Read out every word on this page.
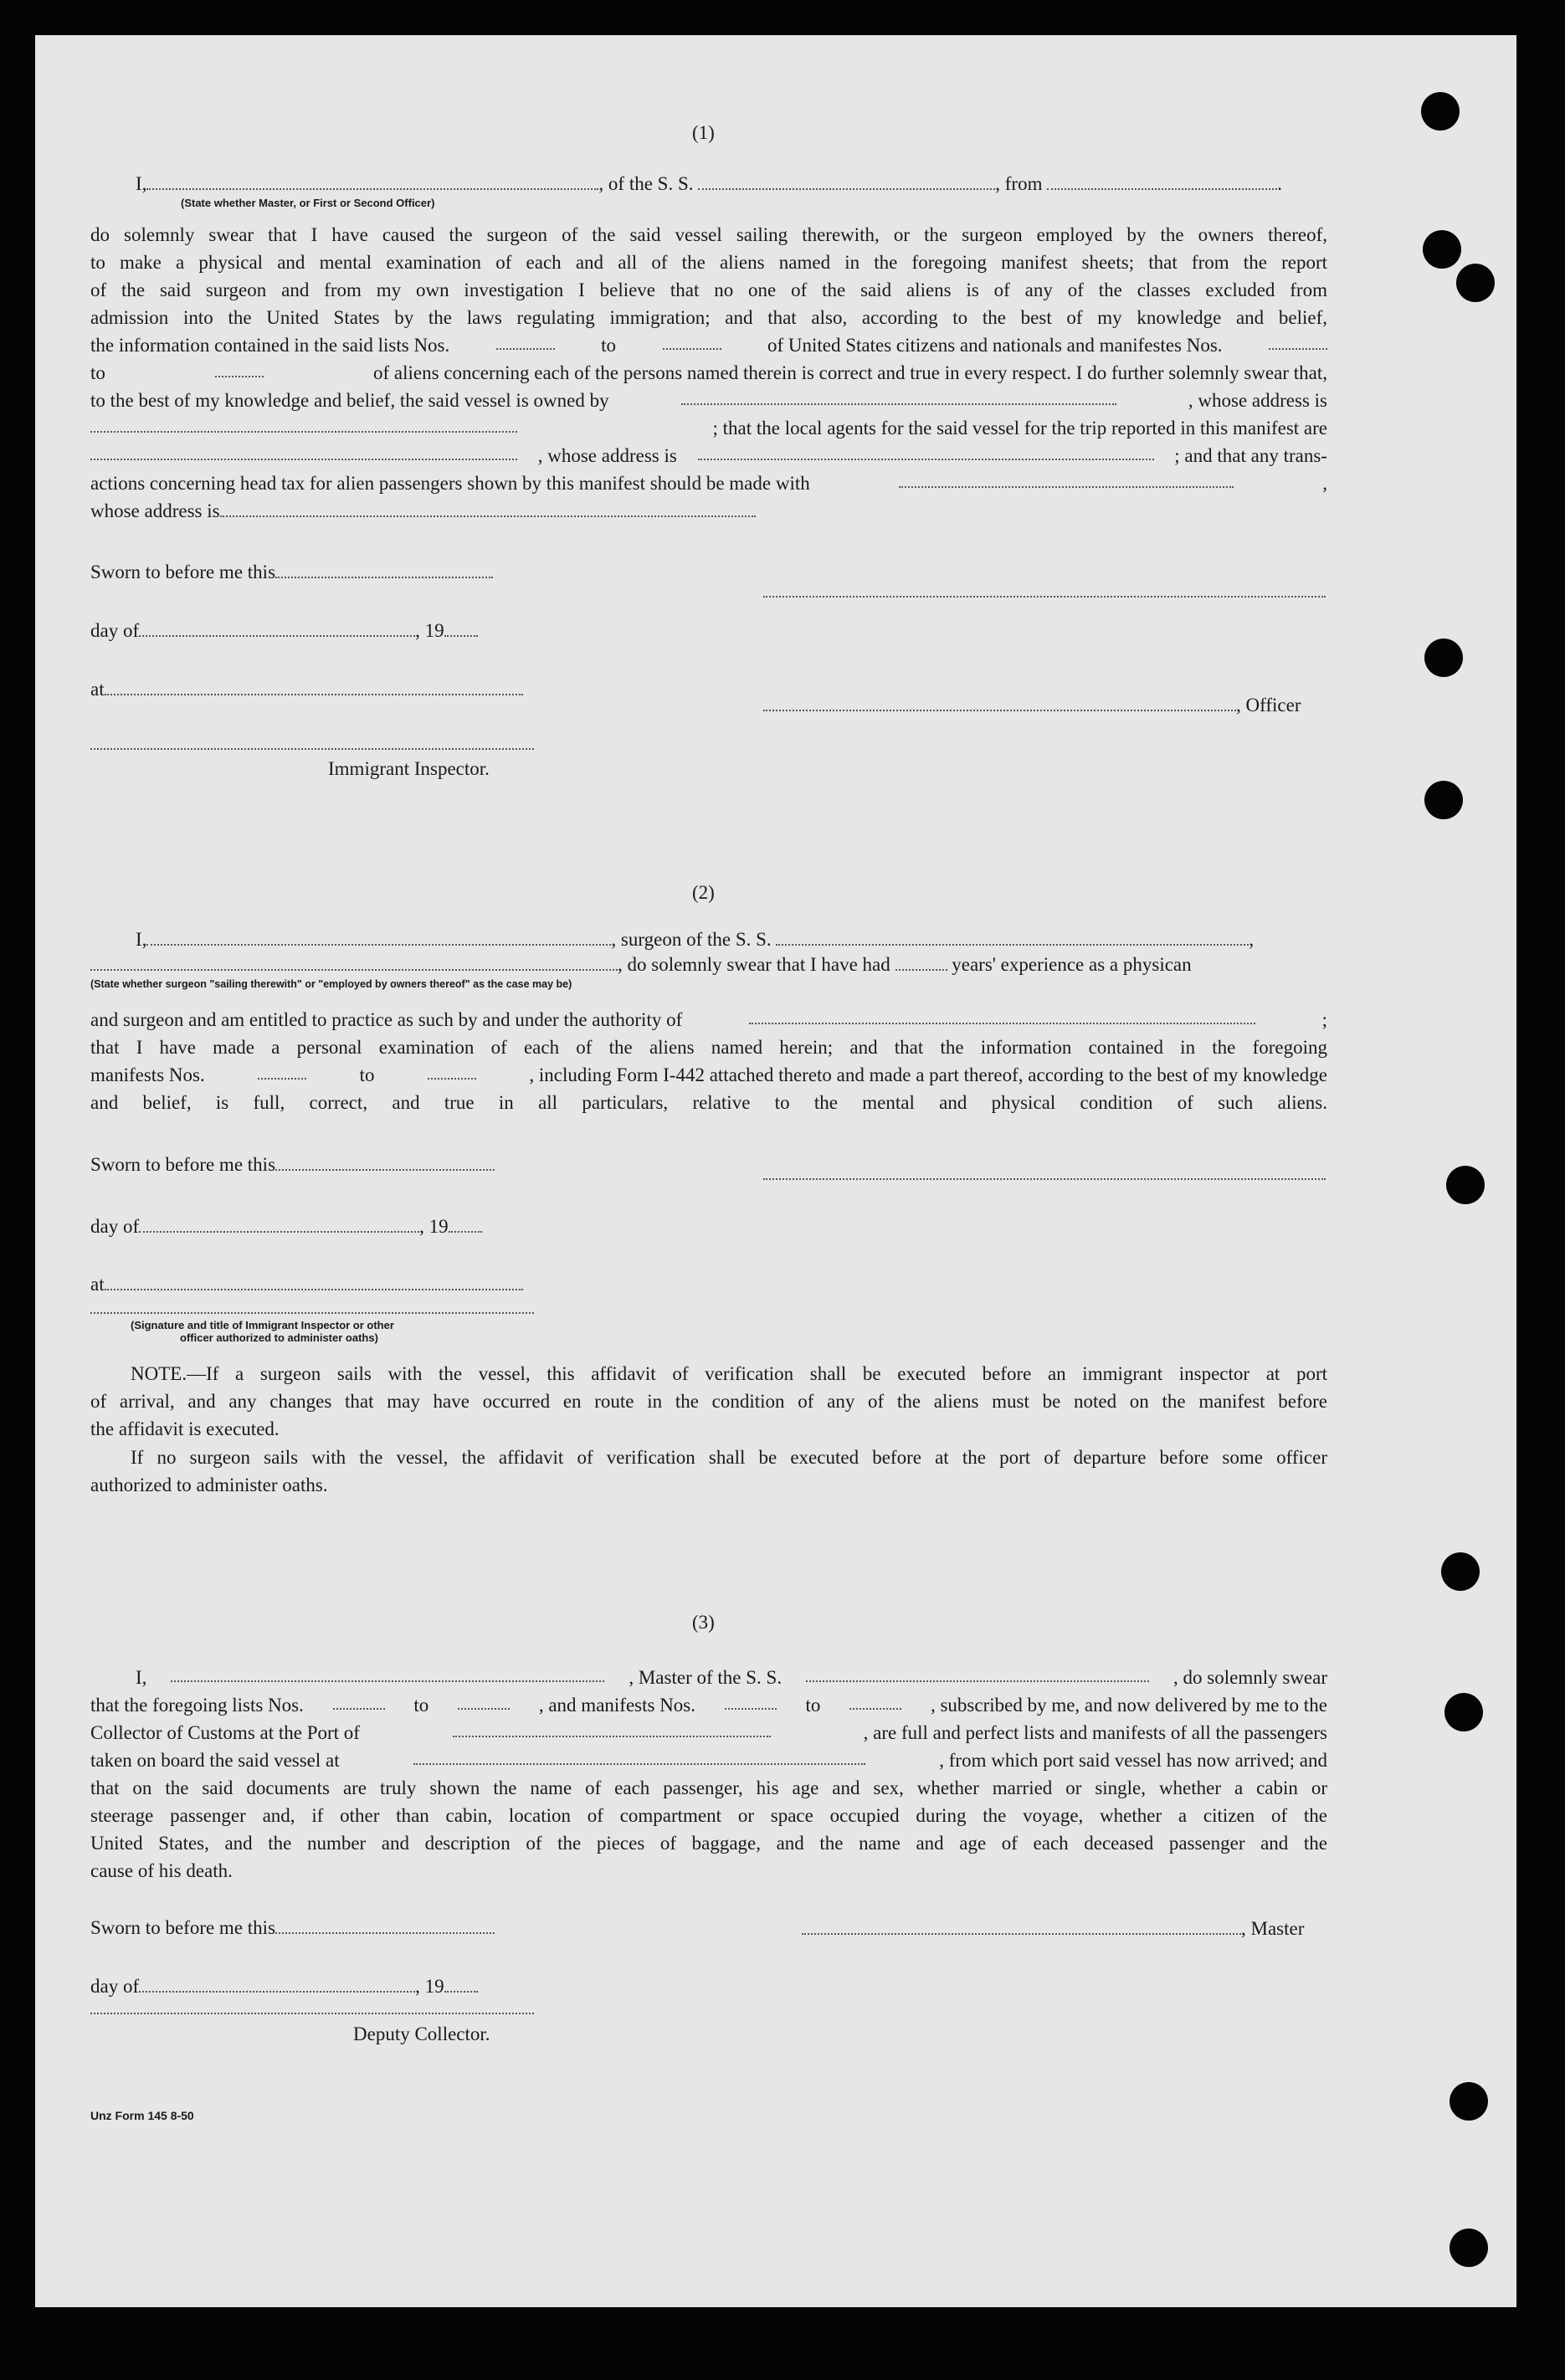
(1)
I,	, of the S. S.	, from	.
(State whether Master, or First or Second Officer)
do solemnly swear that I have caused the surgeon of the said vessel sailing therewith, or the surgeon employed by the owners thereof,
to make a physical and mental examination of each and all of the aliens named in the foregoing manifest sheets; that from the report
of the said surgeon and from my own investigation I believe that no one of the said aliens is of any of the classes excluded from
admission into the United States by the laws regulating immigration; and that also, according to the best of my knowledge and belief,
the information contained in the said lists Nos.	to	of United States citizens and nationals and manifestes Nos.
to	of aliens concerning each of the persons named therein is correct and true in every respect. I do further solemnly swear that,
to the best of my knowledge and belief, the said vessel is owned by	, whose address is
; that the local agents for the said vessel for the trip reported in this manifest are
, whose address is	; and that any trans-
actions concerning head tax for alien passengers shown by this manifest should be made with	,
whose address is
Sworn to before me this
day of	, 19
at
, Officer
Immigrant Inspector.
(2)
I,	, surgeon of the S. S.	,
, do solemnly swear that I have had	years' experience as a physican
(State whether surgeon "sailing therewith" or "employed by owners thereof" as the case may be)
and surgeon and am entitled to practice as such by and under the authority of	;
that I have made a personal examination of each of the aliens named herein; and that the information contained in the foregoing
manifests Nos.	to	, including Form I-442 attached thereto and made a part thereof, according to the best of my knowledge
and belief, is full, correct, and true in all particulars, relative to the mental and physical condition of such aliens.
Sworn to before me this
day of	, 19
at
(Signature and title of Immigrant Inspector or other
officer authorized to administer oaths)
NOTE.—If a surgeon sails with the vessel, this affidavit of verification shall be executed before an immigrant inspector at port
of arrival, and any changes that may have occurred en route in the condition of any of the aliens must be noted on the manifest before
the affidavit is executed.
If no surgeon sails with the vessel, the affidavit of verification shall be executed before at the port of departure before some officer
authorized to administer oaths.
(3)
I,	, Master of the S. S.	, do solemnly swear
that the foregoing lists Nos.	to	, and manifests Nos.	to	, subscribed by me, and now delivered by me to the
Collector of Customs at the Port of	, are full and perfect lists and manifests of all the passengers
taken on board the said vessel at	, from which port said vessel has now arrived; and
that on the said documents are truly shown the name of each passenger, his age and sex, whether married or single, whether a cabin or
steerage passenger and, if other than cabin, location of compartment or space occupied during the voyage, whether a citizen of the
United States, and the number and description of the pieces of baggage, and the name and age of each deceased passenger and the
cause of his death.
Sworn to before me this	, Master
day of	, 19
Deputy Collector.
Unz Form 145 8-50
